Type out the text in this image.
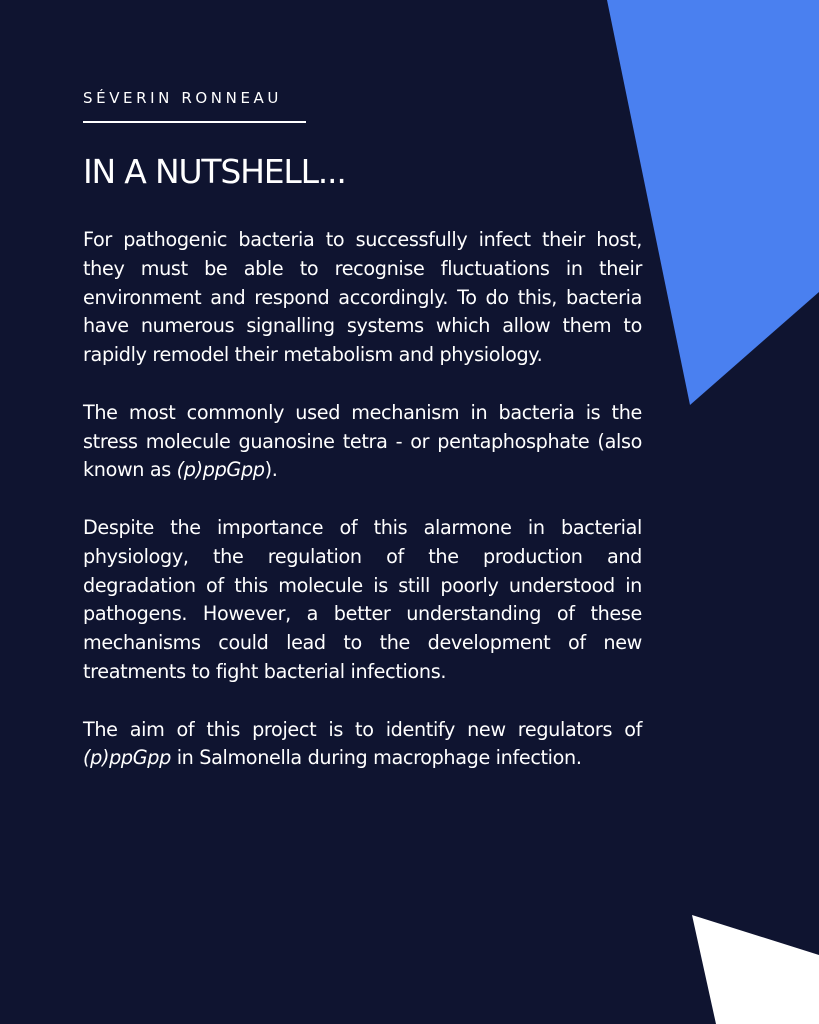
SÉVERIN RONNEAU
IN A NUTSHELL...

For pathogenic bacteria to successfully infect their host, they must be able to recognise fluctuations in their environment and respond accordingly. To do this, bacteria have numerous signalling systems which allow them to rapidly remodel their metabolism and physiology.

The most commonly used mechanism in bacteria is the stress molecule guanosine tetra - or pentaphosphate (also known as (p)ppGpp).

Despite the importance of this alarmone in bacterial physiology, the regulation of the production and degradation of this molecule is still poorly understood in pathogens. However, a better understanding of these mechanisms could lead to the development of new treatments to fight bacterial infections.

The aim of this project is to identify new regulators of (p)ppGpp in Salmonella during macrophage infection.
